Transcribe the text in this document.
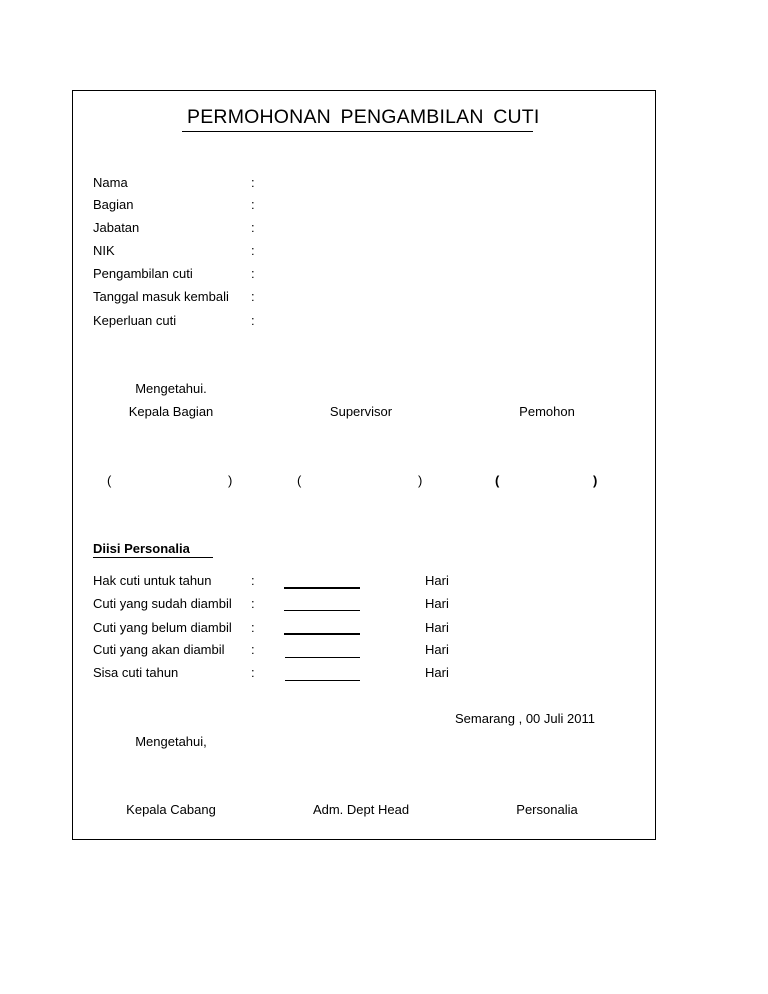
PERMOHONAN PENGAMBILAN CUTI
Nama	:
Bagian	:
Jabatan	:
NIK	:
Pengambilan cuti	:
Tanggal masuk kembali :
Keperluan cuti	:
Mengetahui.
Kepala Bagian	Supervisor	Pemohon
(	)	(	)	(	)
Diisi Personalia
Hak cuti untuk tahun	:	Hari
Cuti yang sudah diambil :	Hari
Cuti yang belum diambil :	Hari
Cuti yang akan diambil :	Hari
Sisa cuti tahun	:	Hari
Semarang , 00 Juli 2011
Mengetahui,
Kepala Cabang	Adm. Dept Head	Personalia
